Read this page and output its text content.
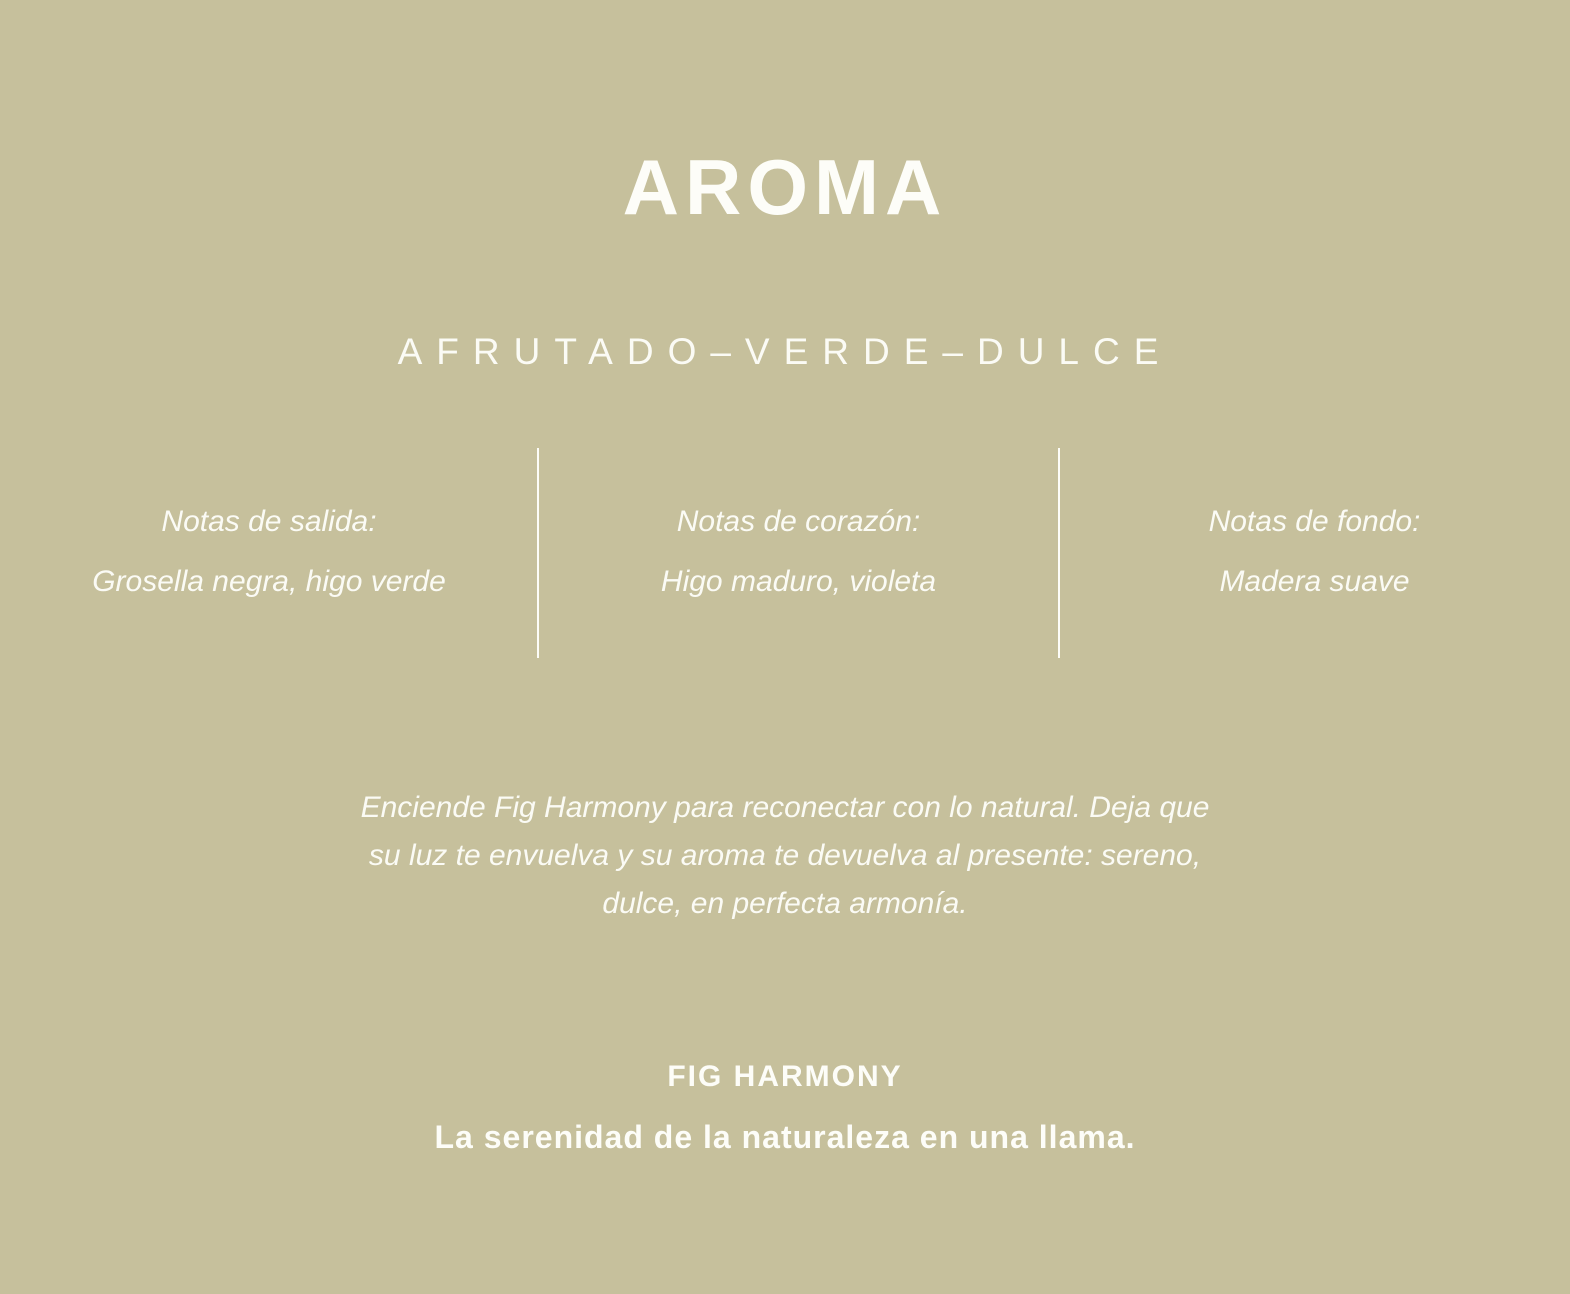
AROMA
AFRUTADO–VERDE–DULCE
Notas de salida:
Grosella negra, higo verde
Notas de corazón:
Higo maduro, violeta
Notas de fondo:
Madera suave
Enciende Fig Harmony para reconectar con lo natural. Deja que
su luz te envuelva y su aroma te devuelva al presente: sereno,
dulce, en perfecta armonía.
FIG HARMONY
La serenidad de la naturaleza en una llama.
